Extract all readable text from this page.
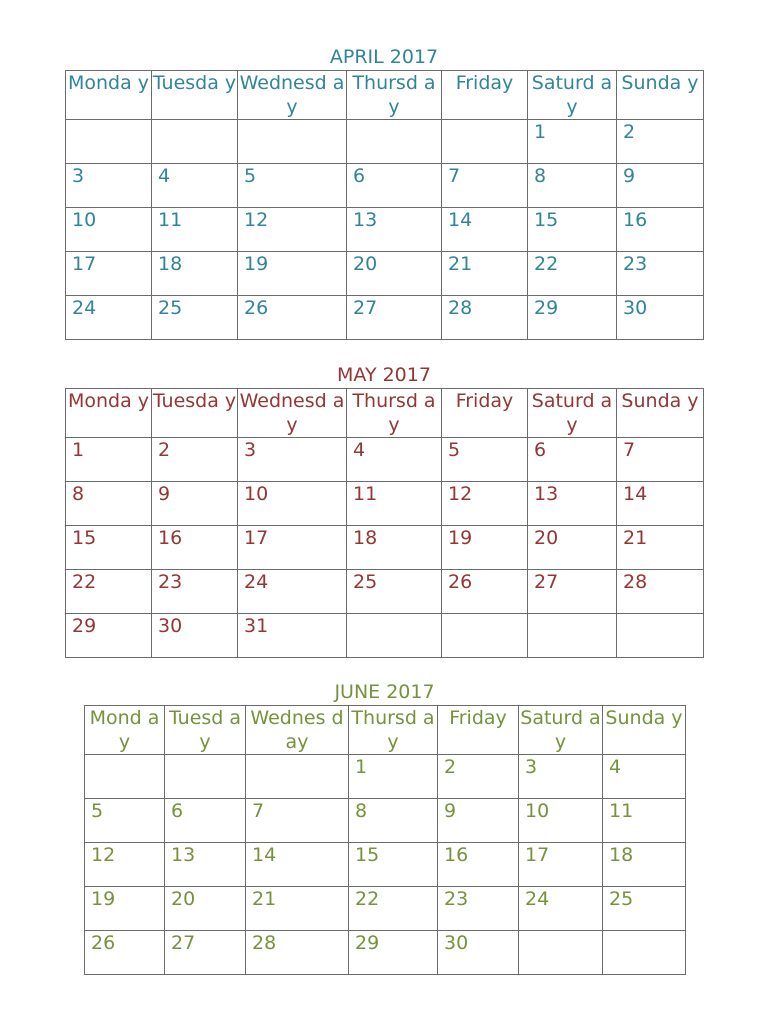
APRIL 2017
Monda y	Tuesda y	Wednesd ay	Thursd ay	Friday	Saturd ay	Sunda y
					1	2
3	4	5	6	7	8	9
10	11	12	13	14	15	16
17	18	19	20	21	22	23
24	25	26	27	28	29	30
MAY 2017
Monda y	Tuesda y	Wednesd ay	Thursd ay	Friday	Saturd ay	Sunda y
1	2	3	4	5	6	7
8	9	10	11	12	13	14
15	16	17	18	19	20	21
22	23	24	25	26	27	28
29	30	31				
JUNE 2017
Mond ay	Tuesd ay	Wednes day	Thursd ay	Friday	Saturd ay	Sunda y
			1	2	3	4
5	6	7	8	9	10	11
12	13	14	15	16	17	18
19	20	21	22	23	24	25
26	27	28	29	30		
